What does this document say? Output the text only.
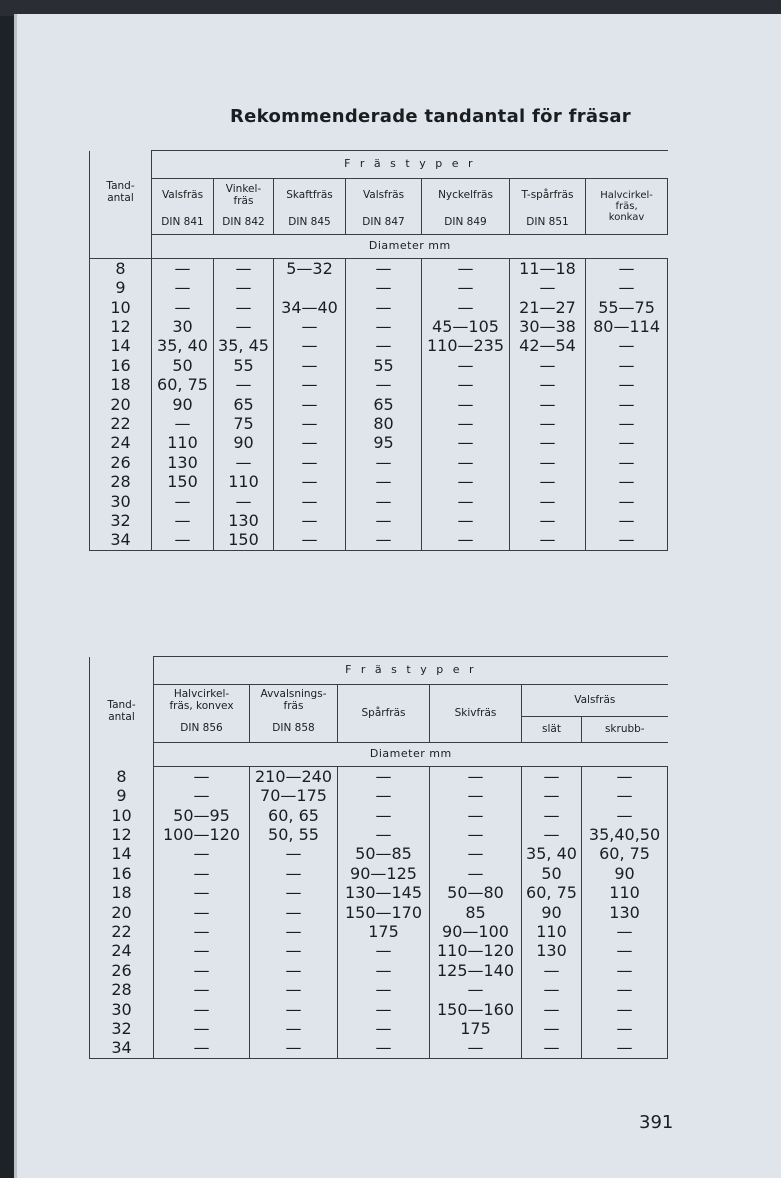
Rekommenderade tandantal för fräsar
Tand-
antal	F r ä s t y p e r						
	Valsfräs	Vinkel-
fräs	Skaftfräs	Valsfräs	Nyckelfräs	T-spårfräs	Halvcirkel-
fräs,
konkav
	DIN 841	DIN 842	DIN 845	DIN 847	DIN 849	DIN 851	
	Diameter mm						
8	—	—	5—32	—	—	11—18	—
9	—	—		—	—	—	—
10	—	—	34—40	—	—	21—27	55—75
12	30	—	—	—	45—105	30—38	80—114
14	35, 40	35, 45	—	—	110—235	42—54	—
16	50	55	—	55	—	—	—
18	60, 75	—	—	—	—	—	—
20	90	65	—	65	—	—	—
22	—	75	—	80	—	—	—
24	110	90	—	95	—	—	—
26	130	—	—	—	—	—	—
28	150	110	—	—	—	—	—
30	—	—	—	—	—	—	—
32	—	130	—	—	—	—	—
34	—	150	—	—	—	—	—
Tand-
antal	F r ä s t y p e r					
	Halvcirkel-
fräs, konvex	Avvalsnings-
fräs	Spårfräs	Skivfräs	Valsfräs	
	DIN 856	DIN 858			slät	skrubb-
	Diameter mm					
8	—	210—240	—	—	—	—
9	—	70—175	—	—	—	—
10	50—95	60, 65	—	—	—	—
12	100—120	50, 55	—	—	—	35,40,50
14	—	—	50—85	—	35, 40	60, 75
16	—	—	90—125	—	50	90
18	—	—	130—145	50—80	60, 75	110
20	—	—	150—170	85	90	130
22	—	—	175	90—100	110	—
24	—	—	—	110—120	130	—
26	—	—	—	125—140	—	—
28	—	—	—	—	—	—
30	—	—	—	150—160	—	—
32	—	—	—	175	—	—
34	—	—	—	—	—	—
391
